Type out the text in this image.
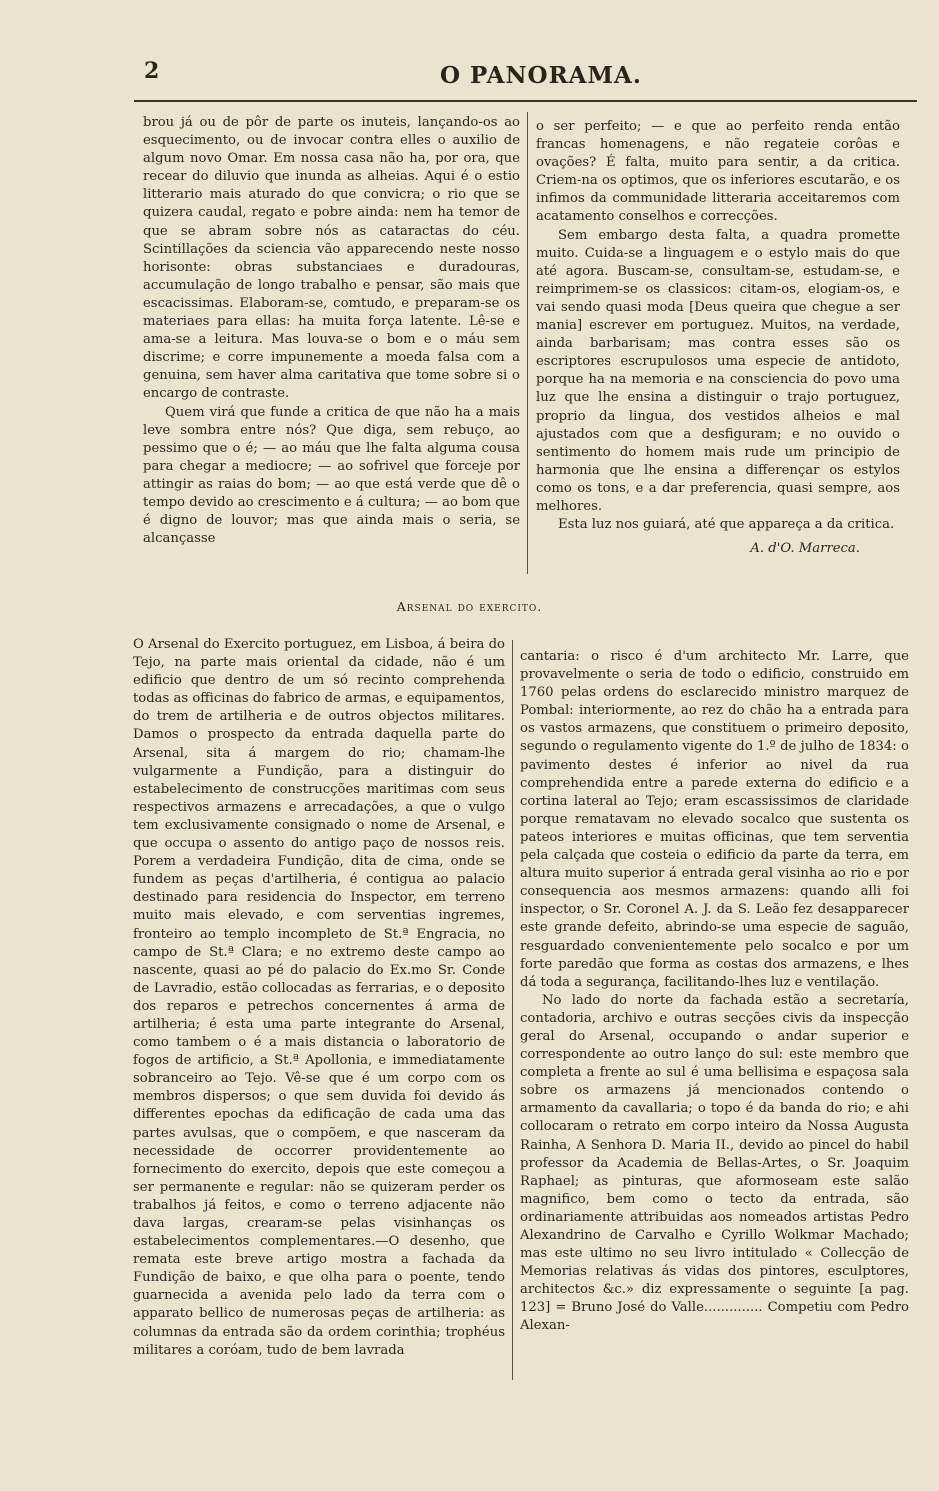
2	O PANORAMA.

brou já ou de pôr de parte os inuteis, lançando-os ao esquecimento, ou de invocar contra elles o auxilio de algum novo Omar. Em nossa casa não ha, por ora, que recear do diluvio que inunda as alheias. Aqui é o estio litterario mais aturado do que convicra; o rio que se quizera caudal, regato e pobre ainda: nem ha temor de que se abram sobre nós as cataractas do céu. Scintillações da sciencia vão apparecendo neste nosso horisonte: obras substanciaes e duradouras, accumulação de longo trabalho e pensar, são mais que escacissimas. Elaboram-se, comtudo, e preparam-se os materiaes para ellas: ha muita força latente. Lê-se e ama-se a leitura. Mas louva-se o bom e o máu sem discrime; e corre impunemente a moeda falsa com a genuina, sem haver alma caritativa que tome sobre si o encargo de contraste.

Quem virá que funde a critica de que não ha a mais leve sombra entre nós? Que diga, sem rebuço, ao pessimo que o é; — ao máu que lhe falta alguma cousa para chegar a mediocre; — ao sofrivel que forceje por attingir as raias do bom; — ao que está verde que dê o tempo devido ao crescimento e á cultura; — ao bom que é digno de louvor; mas que ainda mais o seria, se alcançasse

o ser perfeito; — e que ao perfeito renda então francas homenagens, e não regateie corôas e ovações? É falta, muito para sentir, a da critica. Criem-na os optimos, que os inferiores escutarão, e os infimos da communidade litteraria acceitaremos com acatamento conselhos e correcções.

Sem embargo desta falta, a quadra promette muito. Cuida-se a linguagem e o estylo mais do que até agora. Buscam-se, consultam-se, estudam-se, e reimprimem-se os classicos: citam-os, elogiam-os, e vai sendo quasi moda [Deus queira que chegue a ser mania] escrever em portuguez. Muitos, na verdade, ainda barbarisam; mas contra esses são os escriptores escrupulosos uma especie de antidoto, porque ha na memoria e na consciencia do povo uma luz que lhe ensina a distinguir o trajo portuguez, proprio da lingua, dos vestidos alheios e mal ajustados com que a desfiguram; e no ouvido o sentimento do homem mais rude um principio de harmonia que lhe ensina a differençar os estylos como os tons, e a dar preferencia, quasi sempre, aos melhores.

Esta luz nos guiará, até que appareça a da critica.

A. d'O. Marreca.

Arsenal do exercito.

O Arsenal do Exercito portuguez, em Lisboa, á beira do Tejo, na parte mais oriental da cidade, não é um edificio que dentro de um só recinto comprehenda todas as officinas do fabrico de armas, e equipamentos, do trem de artilheria e de outros objectos militares. Damos o prospecto da entrada daquella parte do Arsenal, sita á margem do rio; chamam-lhe vulgarmente a Fundição, para a distinguir do estabelecimento de construcções maritimas com seus respectivos armazens e arrecadações, a que o vulgo tem exclusivamente consignado o nome de Arsenal, e que occupa o assento do antigo paço de nossos reis. Porem a verdadeira Fundição, dita de cima, onde se fundem as peças d'artilheria, é contigua ao palacio destinado para residencia do Inspector, em terreno muito mais elevado, e com serventias ingremes, fronteiro ao templo incompleto de St.ª Engracia, no campo de St.ª Clara; e no extremo deste campo ao nascente, quasi ao pé do palacio do Ex.mo Sr. Conde de Lavradio, estão collocadas as ferrarias, e o deposito dos reparos e petrechos concernentes á arma de artilheria; é esta uma parte integrante do Arsenal, como tambem o é a mais distancia o laboratorio de fogos de artificio, a St.ª Apollonia, e immediatamente sobranceiro ao Tejo. Vê-se que é um corpo com os membros dispersos; o que sem duvida foi devido ás differentes epochas da edificação de cada uma das partes avulsas, que o compõem, e que nasceram da necessidade de occorrer providentemente ao fornecimento do exercito, depois que este começou a ser permanente e regular: não se quizeram perder os trabalhos já feitos, e como o terreno adjacente não dava largas, crearam-se pelas visinhanças os estabelecimentos complementares.—O desenho, que remata este breve artigo mostra a fachada da Fundição de baixo, e que olha para o poente, tendo guarnecida a avenida pelo lado da terra com o apparato bellico de numerosas peças de artilheria: as columnas da entrada são da ordem corinthia; trophéus militares a coróam, tudo de bem lavrada

cantaria: o risco é d'um architecto Mr. Larre, que provavelmente o seria de todo o edificio, construido em 1760 pelas ordens do esclarecido ministro marquez de Pombal: interiormente, ao rez do chão ha a entrada para os vastos armazens, que constituem o primeiro deposito, segundo o regulamento vigente do 1.º de julho de 1834: o pavimento destes é inferior ao nivel da rua comprehendida entre a parede externa do edificio e a cortina lateral ao Tejo; eram escassissimos de claridade porque rematavam no elevado socalco que sustenta os pateos interiores e muitas officinas, que tem serventia pela calçada que costeia o edificio da parte da terra, em altura muito superior á entrada geral visinha ao rio e por consequencia aos mesmos armazens: quando alli foi inspector, o Sr. Coronel A. J. da S. Leão fez desapparecer este grande defeito, abrindo-se uma especie de saguão, resguardado convenientemente pelo socalco e por um forte paredão que forma as costas dos armazens, e lhes dá toda a segurança, facilitando-lhes luz e ventilação.

No lado do norte da fachada estão a secretaría, contadoria, archivo e outras secções civis da inspecção geral do Arsenal, occupando o andar superior e correspondente ao outro lanço do sul: este membro que completa a frente ao sul é uma bellisima e espaçosa sala sobre os armazens já mencionados contendo o armamento da cavallaria; o topo é da banda do rio; e ahi collocaram o retrato em corpo inteiro da Nossa Augusta Rainha, A Senhora D. Maria II., devido ao pincel do habil professor da Academia de Bellas-Artes, o Sr. Joaquim Raphael; as pinturas, que aformoseam este salão magnifico, bem como o tecto da entrada, são ordinariamente attribuidas aos nomeados artistas Pedro Alexandrino de Carvalho e Cyrillo Wolkmar Machado; mas este ultimo no seu livro intitulado « Collecção de Memorias relativas ás vidas dos pintores, esculptores, architectos &c.» diz expressamente o seguinte [a pag. 123] = Bruno José do Valle.............. Competiu com Pedro Alexan-
